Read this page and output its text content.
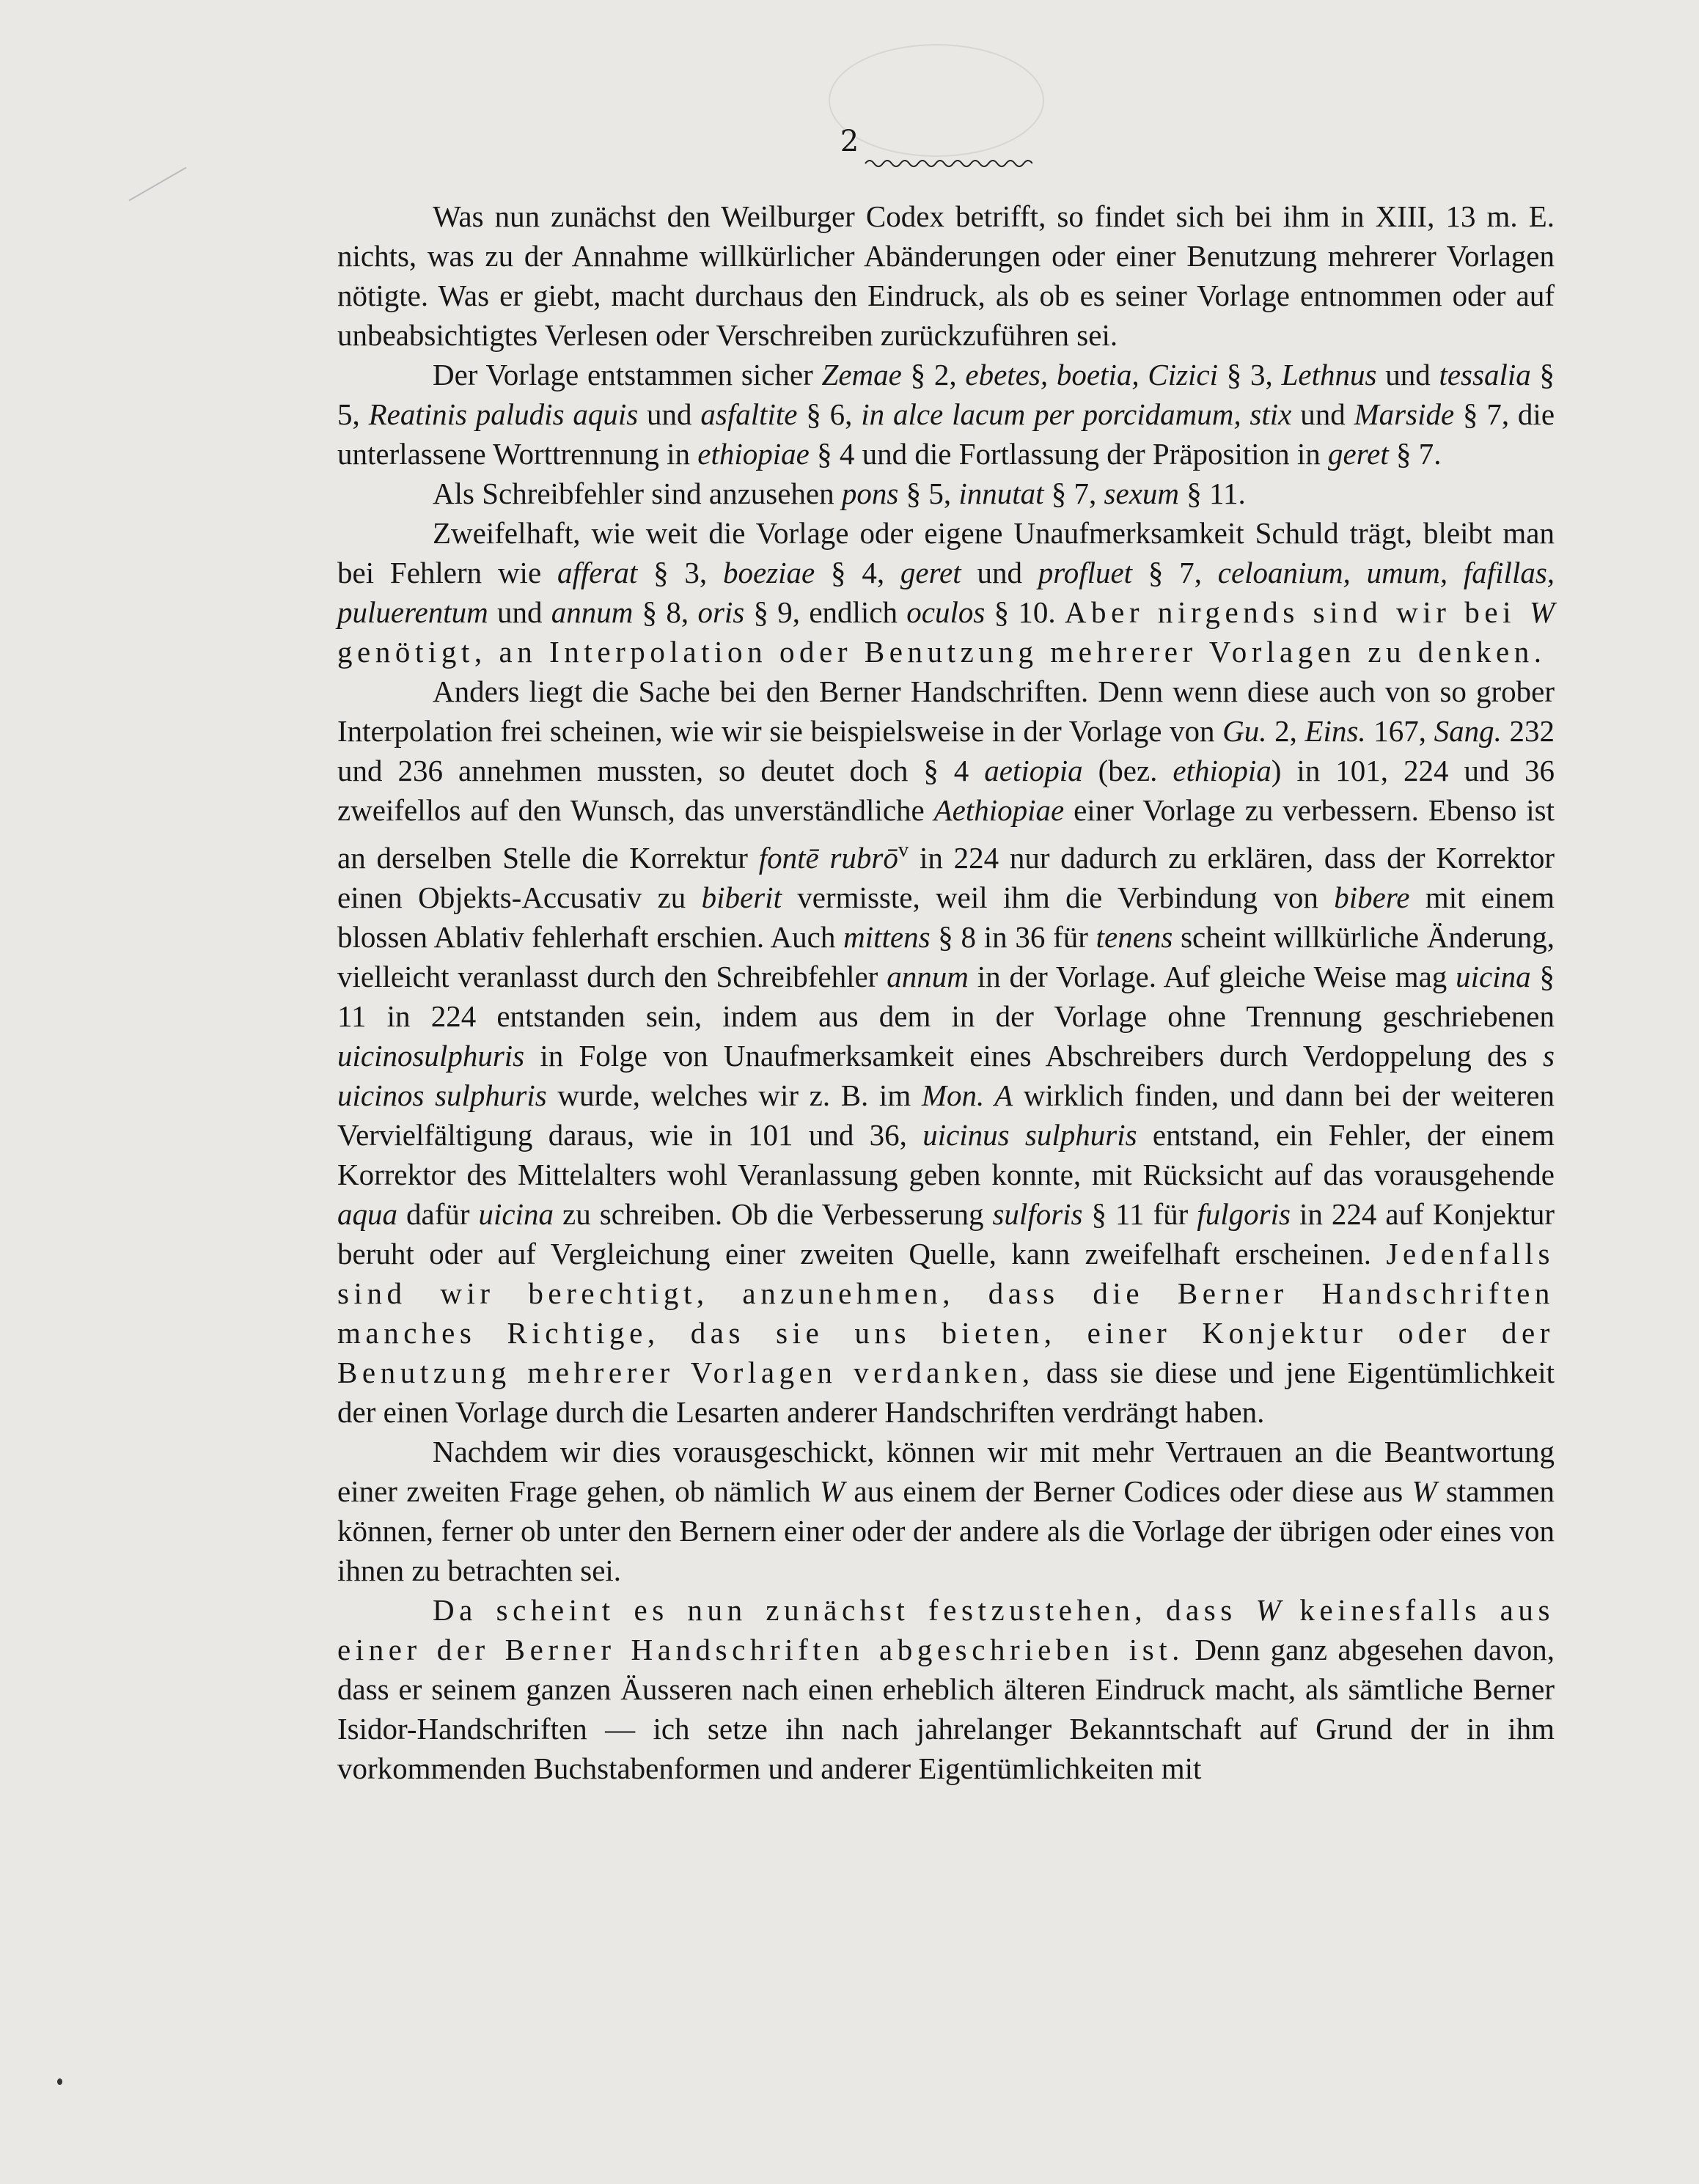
2

Was nun zunächst den Weilburger Codex betrifft, so findet sich bei ihm in XIII, 13 m. E. nichts, was zu der Annahme willkürlicher Abänderungen oder einer Benutzung mehrerer Vorlagen nötigte. Was er giebt, macht durchaus den Eindruck, als ob es seiner Vorlage entnommen oder auf unbeabsichtigtes Verlesen oder Verschreiben zurückzuführen sei.

Der Vorlage entstammen sicher Zemae § 2, ebetes, boetia, Cizici § 3, Lethnus und tessalia § 5, Reatinis paludis aquis und asfaltite § 6, in alce lacum per porcidamum, stix und Marside § 7, die unterlassene Worttrennung in ethiopiae § 4 und die Fortlassung der Präposition in geret § 7.

Als Schreibfehler sind anzusehen pons § 5, innutat § 7, sexum § 11.

Zweifelhaft, wie weit die Vorlage oder eigene Unaufmerksamkeit Schuld trägt, bleibt man bei Fehlern wie afferat § 3, boeziae § 4, geret und profluet § 7, celoanium, umum, fafillas, puluerentum und annum § 8, oris § 9, endlich oculos § 10. Aber nirgends sind wir bei W genötigt, an Interpolation oder Benutzung mehrerer Vorlagen zu denken.

Anders liegt die Sache bei den Berner Handschriften. Denn wenn diese auch von so grober Interpolation frei scheinen, wie wir sie beispielsweise in der Vorlage von Gu. 2, Eins. 167, Sang. 232 und 236 annehmen mussten, so deutet doch § 4 aetiopia (bez. ethiopia) in 101, 224 und 36 zweifellos auf den Wunsch, das unverständliche Aethiopiae einer Vorlage zu verbessern. Ebenso ist an derselben Stelle die Korrektur fontē rubrō$^v$ in 224 nur dadurch zu erklären, dass der Korrektor einen Objekts-Accusativ zu biberit vermisste, weil ihm die Verbindung von bibere mit einem blossen Ablativ fehlerhaft erschien. Auch mittens § 8 in 36 für tenens scheint willkürliche Änderung, vielleicht veranlasst durch den Schreibfehler annum in der Vorlage. Auf gleiche Weise mag uicina § 11 in 224 entstanden sein, indem aus dem in der Vorlage ohne Trennung geschriebenen uicinosulphuris in Folge von Unaufmerksamkeit eines Abschreibers durch Verdoppelung des s uicinos sulphuris wurde, welches wir z. B. im Mon. A wirklich finden, und dann bei der weiteren Vervielfältigung daraus, wie in 101 und 36, uicinus sulphuris entstand, ein Fehler, der einem Korrektor des Mittelalters wohl Veranlassung geben konnte, mit Rücksicht auf das vorausgehende aqua dafür uicina zu schreiben. Ob die Verbesserung sulforis § 11 für fulgoris in 224 auf Konjektur beruht oder auf Vergleichung einer zweiten Quelle, kann zweifelhaft erscheinen. Jedenfalls sind wir berechtigt, anzunehmen, dass die Berner Handschriften manches Richtige, das sie uns bieten, einer Konjektur oder der Benutzung mehrerer Vorlagen verdanken, dass sie diese und jene Eigentümlichkeit der einen Vorlage durch die Lesarten anderer Handschriften verdrängt haben.

Nachdem wir dies vorausgeschickt, können wir mit mehr Vertrauen an die Beantwortung einer zweiten Frage gehen, ob nämlich W aus einem der Berner Codices oder diese aus W stammen können, ferner ob unter den Bernern einer oder der andere als die Vorlage der übrigen oder eines von ihnen zu betrachten sei.

Da scheint es nun zunächst festzustehen, dass W keinesfalls aus einer der Berner Handschriften abgeschrieben ist. Denn ganz abgesehen davon, dass er seinem ganzen Äusseren nach einen erheblich älteren Eindruck macht, als sämtliche Berner Isidor-Handschriften — ich setze ihn nach jahrelanger Bekanntschaft auf Grund der in ihm vorkommenden Buchstabenformen und anderer Eigentümlichkeiten mit
